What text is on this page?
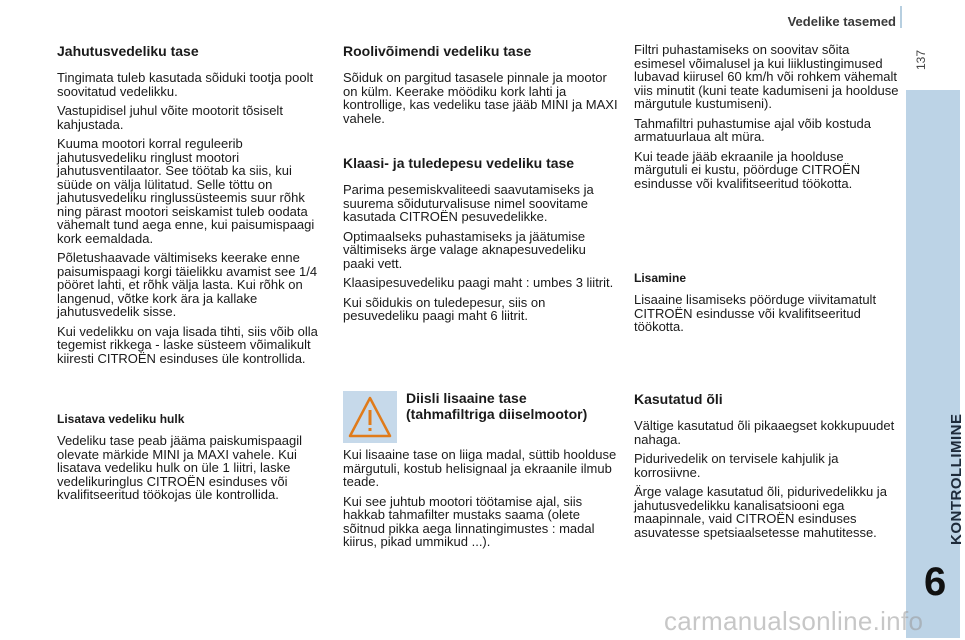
Vedelike tasemed
137
KONTROLLIMINE
6
Jahutusvedeliku tase

Tingimata tuleb kasutada sõiduki tootja poolt soovitatud vedelikku.

Vastupidisel juhul võite mootorit tõsiselt kahjustada.

Kuuma mootori korral reguleerib jahutusvedeliku ringlust mootori jahutusventilaator. See töötab ka siis, kui süüde on välja lülitatud. Selle töttu on jahutusvedeliku ringlussüsteemis suur rõhk ning pärast mootori seiskamist tuleb oodata vähemalt tund aega enne, kui paisumispaagi kork eemaldada.

Põletushaavade vältimiseks keerake enne paisumispaagi korgi täielikku avamist see 1/4 pööret lahti, et rõhk välja lasta. Kui rõhk on langenud, võtke kork ära ja kallake jahutusvedelik sisse.

Kui vedelikku on vaja lisada tihti, siis võib olla tegemist rikkega - laske süsteem võimalikult kiiresti CITROËN esinduses üle kontrollida.

Lisatava vedeliku hulk

Vedeliku tase peab jääma paiskumispaagil olevate märkide MINI ja MAXI vahele. Kui lisatava vedeliku hulk on üle 1 liitri, laske vedelikuringlus CITROËN esinduses või kvalifitseeritud töökojas üle kontrollida.

Roolivõimendi vedeliku tase

Sõiduk on pargitud tasasele pinnale ja mootor on külm. Keerake möödiku kork lahti ja kontrollige, kas vedeliku tase jääb MINI ja MAXI vahele.

Klaasi- ja tuledepesu vedeliku tase

Parima pesemiskvaliteedi saavutamiseks ja suurema sõiduturvalisuse nimel soovitame kasutada CITROËN pesuvedelikke.

Optimaalseks puhastamiseks ja jäätumise vältimiseks ärge valage aknapesuvedeliku paaki vett.

Klaasipesuvedeliku paagi maht : umbes 3 liitrit.

Kui sõidukis on tuledepesur, siis on pesuvedeliku paagi maht 6 liitrit.

Diisli lisaaine tase (tahmafiltriga diiselmootor)

Kui lisaaine tase on liiga madal, süttib hoolduse märgutuli, kostub helisignaal ja ekraanile ilmub teade.

Kui see juhtub mootori töötamise ajal, siis hakkab tahmafilter mustaks saama (olete sõitnud pikka aega linnatingimustes : madal kiirus, pikad ummikud ...).

Filtri puhastamiseks on soovitav sõita esimesel võimalusel ja kui liiklustingimused lubavad kiirusel 60 km/h või rohkem vähemalt viis minutit (kuni teate kadumiseni ja hoolduse märgutule kustumiseni).

Tahmafiltri puhastumise ajal võib kostuda armatuurlaua alt müra.

Kui teade jääb ekraanile ja hoolduse märgutuli ei kustu, pöörduge CITROËN esindusse või kvalifitseeritud töökotta.

Lisamine

Lisaaine lisamiseks pöörduge viivitamatult CITROËN esindusse või kvalifitseeritud töökotta.

Kasutatud õli

Vältige kasutatud õli pikaaegset kokkupuudet nahaga.

Pidurivedelik on tervisele kahjulik ja korrosiivne.

Ärge valage kasutatud õli, pidurivedelikku ja jahutusvedelikku kanalisatsiooni ega maapinnale, vaid CITROËN esinduses asuvatesse spetsiaalsetesse mahutitesse.

carmanualsonline.info
